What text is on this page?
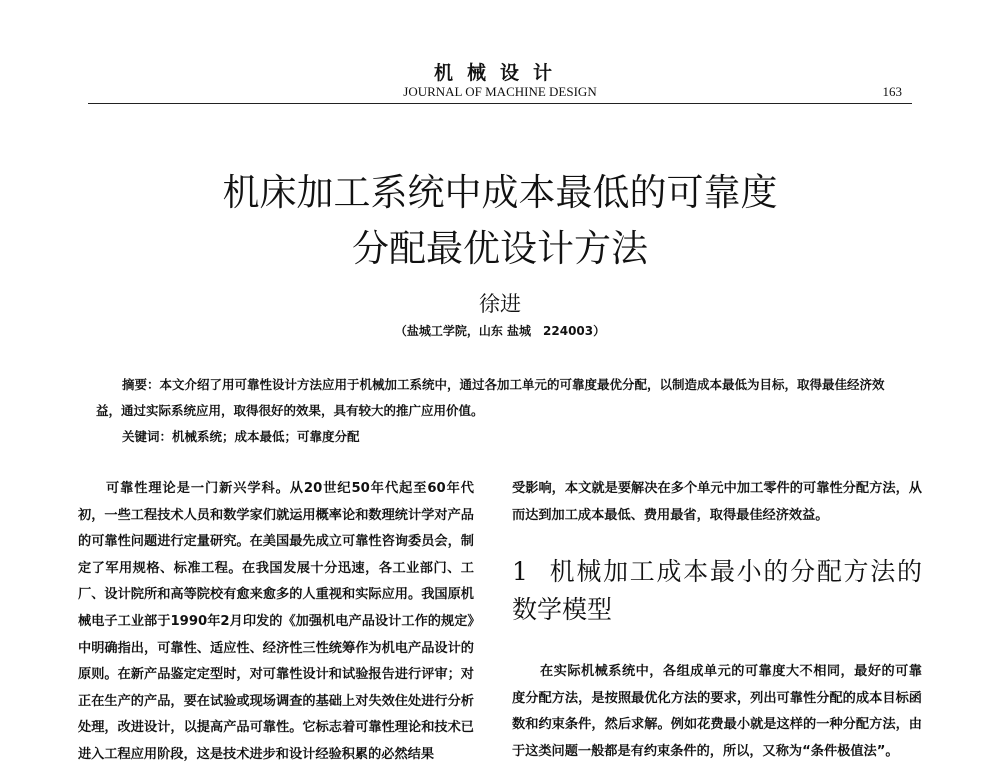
机械设计
JOURNAL OF MACHINE DESIGN	163
机床加工系统中成本最低的可靠度
分配最优设计方法
徐进
（盐城工学院，山东 盐城　224003）

摘要：本文介绍了用可靠性设计方法应用于机械加工系统中，通过各加工单元的可靠度最优分配，以制造成本最低为目标，取得最佳经济效益，通过实际系统应用，取得很好的效果，具有较大的推广应用价值。

关键词：机械系统；成本最低；可靠度分配

可靠性理论是一门新兴学科。从20世纪50年代起至60年代初，一些工程技术人员和数学家们就运用概率论和数理统计学对产品的可靠性问题进行定量研究。在美国最先成立可靠性咨询委员会，制定了军用规格、标准工程。在我国发展十分迅速，各工业部门、工厂、设计院所和高等院校有愈来愈多的人重视和实际应用。我国原机械电子工业部于1990年2月印发的《加强机电产品设计工作的规定》中明确指出，可靠性、适应性、经济性三性统筹作为机电产品设计的原则。在新产品鉴定定型时，对可靠性设计和试验报告进行评审；对正在生产的产品，要在试验或现场调查的基础上对失效住处进行分析处理，改进设计，以提高产品可靠性。它标志着可靠性理论和技术已进入工程应用阶段，这是技术进步和设计经验积累的必然结果

受影响，本文就是要解决在多个单元中加工零件的可靠性分配方法，从而达到加工成本最低、费用最省，取得最佳经济效益。

1 机械加工成本最小的分配方法的数学模型

在实际机械系统中，各组成单元的可靠度大不相同，最好的可靠度分配方法，是按照最优化方法的要求，列出可靠性分配的成本目标函数和约束条件，然后求解。例如花费最小就是这样的一种分配方法，由于这类问题一般都是有约束条件的，所以，又称为“条件极值法”。
